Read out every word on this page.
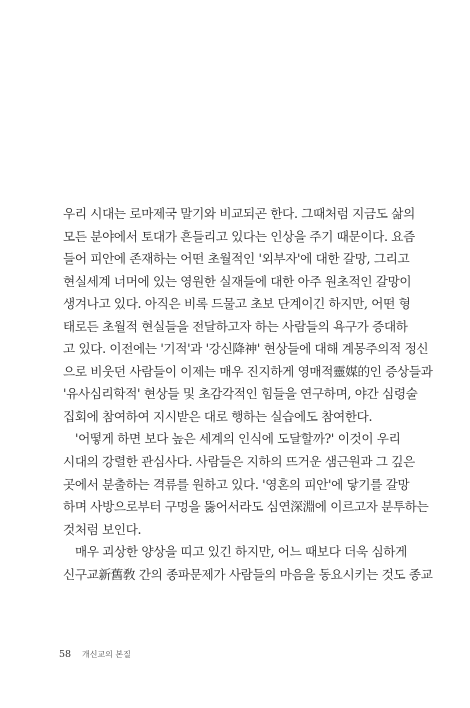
우리 시대는 로마제국 말기와 비교되곤 한다. 그때처럼 지금도 삶의
모든 분야에서 토대가 흔들리고 있다는 인상을 주기 때문이다. 요즘
들어 피안에 존재하는 어떤 초월적인 '외부자'에 대한 갈망, 그리고
현실세계 너머에 있는 영원한 실재들에 대한 아주 원초적인 갈망이
생겨나고 있다. 아직은 비록 드물고 초보 단계이긴 하지만, 어떤 형
태로든 초월적 현실들을 전달하고자 하는 사람들의 욕구가 증대하
고 있다. 이전에는 '기적'과 '강신降神' 현상들에 대해 계몽주의적 정신
으로 비웃던 사람들이 이제는 매우 진지하게 영매적靈媒的인 증상들과
'유사심리학적' 현상들 및 초감각적인 힘들을 연구하며, 야간 심령술
집회에 참여하여 지시받은 대로 행하는 실습에도 참여한다.
'어떻게 하면 보다 높은 세계의 인식에 도달할까?' 이것이 우리
시대의 강렬한 관심사다. 사람들은 지하의 뜨거운 샘근원과 그 깊은
곳에서 분출하는 격류를 원하고 있다. '영혼의 피안'에 닿기를 갈망
하며 사방으로부터 구멍을 뚫어서라도 심연深淵에 이르고자 분투하는
것처럼 보인다.
매우 괴상한 양상을 띠고 있긴 하지만, 어느 때보다 더욱 심하게
신구교新舊敎 간의 종파문제가 사람들의 마음을 동요시키는 것도 종교
58 개신교의 본질
